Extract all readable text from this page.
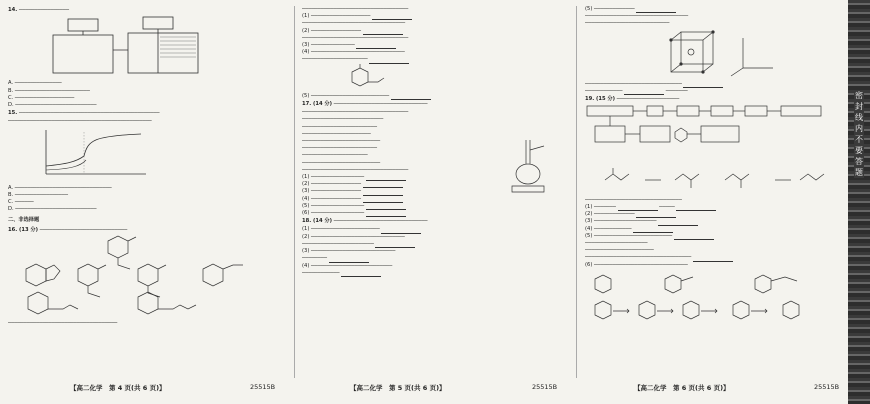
14. ────────────────

A. ───────────────

B. ────────────────────────

C. ───────────────────

D. ──────────────────────────

15. ─────────────────────────────────────────────

──────────────────────────────────────────────

A. ───────────────────────────────

B. ─────────────────

C. ──────

D. ──────────────────────────

二、非选择题
16. (13 分) ────────────────────────────

───────────────────────────────────

──────────────────────────────────

(1) ───────────────────

─────────────────────────────────

(2) ────────────────

──────────────────────────────────

(3) ──────────────

(4) ──────────────────────────────

─────────────────────

(5) ─────────────────────────

17. (14 分) ──────────────────────────────

──────────────────────────────────

──────────────────────────

────────────────────────

──────────────────────

─────────────────────────

────────────────────────

─────────────────────

─────────────────────────

──────────────────────────────────

(1) ─────────────────

(2) ────────────────

(3) ────────────────

(4) ────────────────

(5) ─────────────────

(6) ─────────────────

18. (14 分) ──────────────────────────────

(1) ──────────────────────

(2) ──────────────────────────────

───────────────────────

(3) ───────────────────────────

────────

(4) ──────────────────────────

────────────

(5) ─────────────

─────────────────────────────────

───────────────────────────

───────────────────────────────

────────────	───────

19. (15 分) ────────────────────

───────────────────────────────

(1) ───────	─────

(2) ─────────────

(3) ────────────────────

(4) ────────────

(5) ─────────────────────────

────────────────────

──────────────────────

──────────────────────────────────

(6) ──────────────────────────────

【高二化学　第 4 页(共 6 页)】	25515B	【高二化学　第 5 页(共 6 页)】	25515B	【高二化学　第 6 页(共 6 页)】	25515B
密封线内不要答题
